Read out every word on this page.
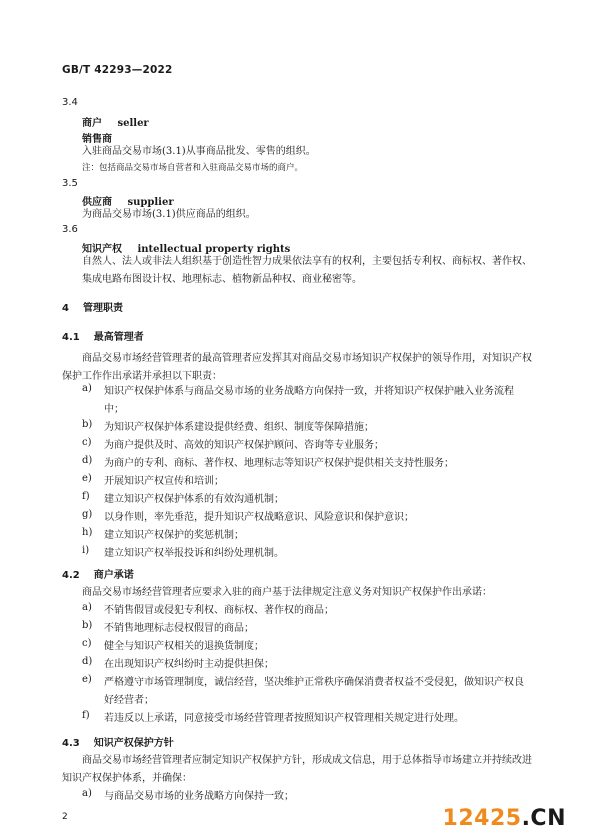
GB/T 42293—2022
3.4
商户 seller
销售商
入驻商品交易市场(3.1)从事商品批发、零售的组织。
注：包括商品交易市场自营者和入驻商品交易市场的商户。
3.5
供应商 supplier
为商品交易市场(3.1)供应商品的组织。
3.6
知识产权 intellectual property rights
自然人、法人或非法人组织基于创造性智力成果依法享有的权利，主要包括专利权、商标权、著作权、集成电路布图设计权、地理标志、植物新品种权、商业秘密等。
4 管理职责
4.1 最高管理者
商品交易市场经营管理者的最高管理者应发挥其对商品交易市场知识产权保护的领导作用，对知识产权保护工作作出承诺并承担以下职责：
a) 知识产权保护体系与商品交易市场的业务战略方向保持一致，并将知识产权保护融入业务流程中；
b) 为知识产权保护体系建设提供经费、组织、制度等保障措施；
c) 为商户提供及时、高效的知识产权保护顾问、咨询等专业服务；
d) 为商户的专利、商标、著作权、地理标志等知识产权保护提供相关支持性服务；
e) 开展知识产权宣传和培训；
f) 建立知识产权保护体系的有效沟通机制；
g) 以身作则，率先垂范，提升知识产权战略意识、风险意识和保护意识；
h) 建立知识产权保护的奖惩机制；
i) 建立知识产权举报投诉和纠纷处理机制。
4.2 商户承诺
商品交易市场经营管理者应要求入驻的商户基于法律规定注意义务对知识产权保护作出承诺：
a) 不销售假冒或侵犯专利权、商标权、著作权的商品；
b) 不销售地理标志侵权假冒的商品；
c) 健全与知识产权相关的退换货制度；
d) 在出现知识产权纠纷时主动提供担保；
e) 严格遵守市场管理制度，诚信经营，坚决维护正常秩序确保消费者权益不受侵犯，做知识产权良好经营者；
f) 若违反以上承诺，同意接受市场经营管理者按照知识产权管理相关规定进行处理。
4.3 知识产权保护方针
商品交易市场经营管理者应制定知识产权保护方针，形成成文信息，用于总体指导市场建立并持续改进知识产权保护体系，并确保：
a) 与商品交易市场的业务战略方向保持一致；
2	12425.CN
